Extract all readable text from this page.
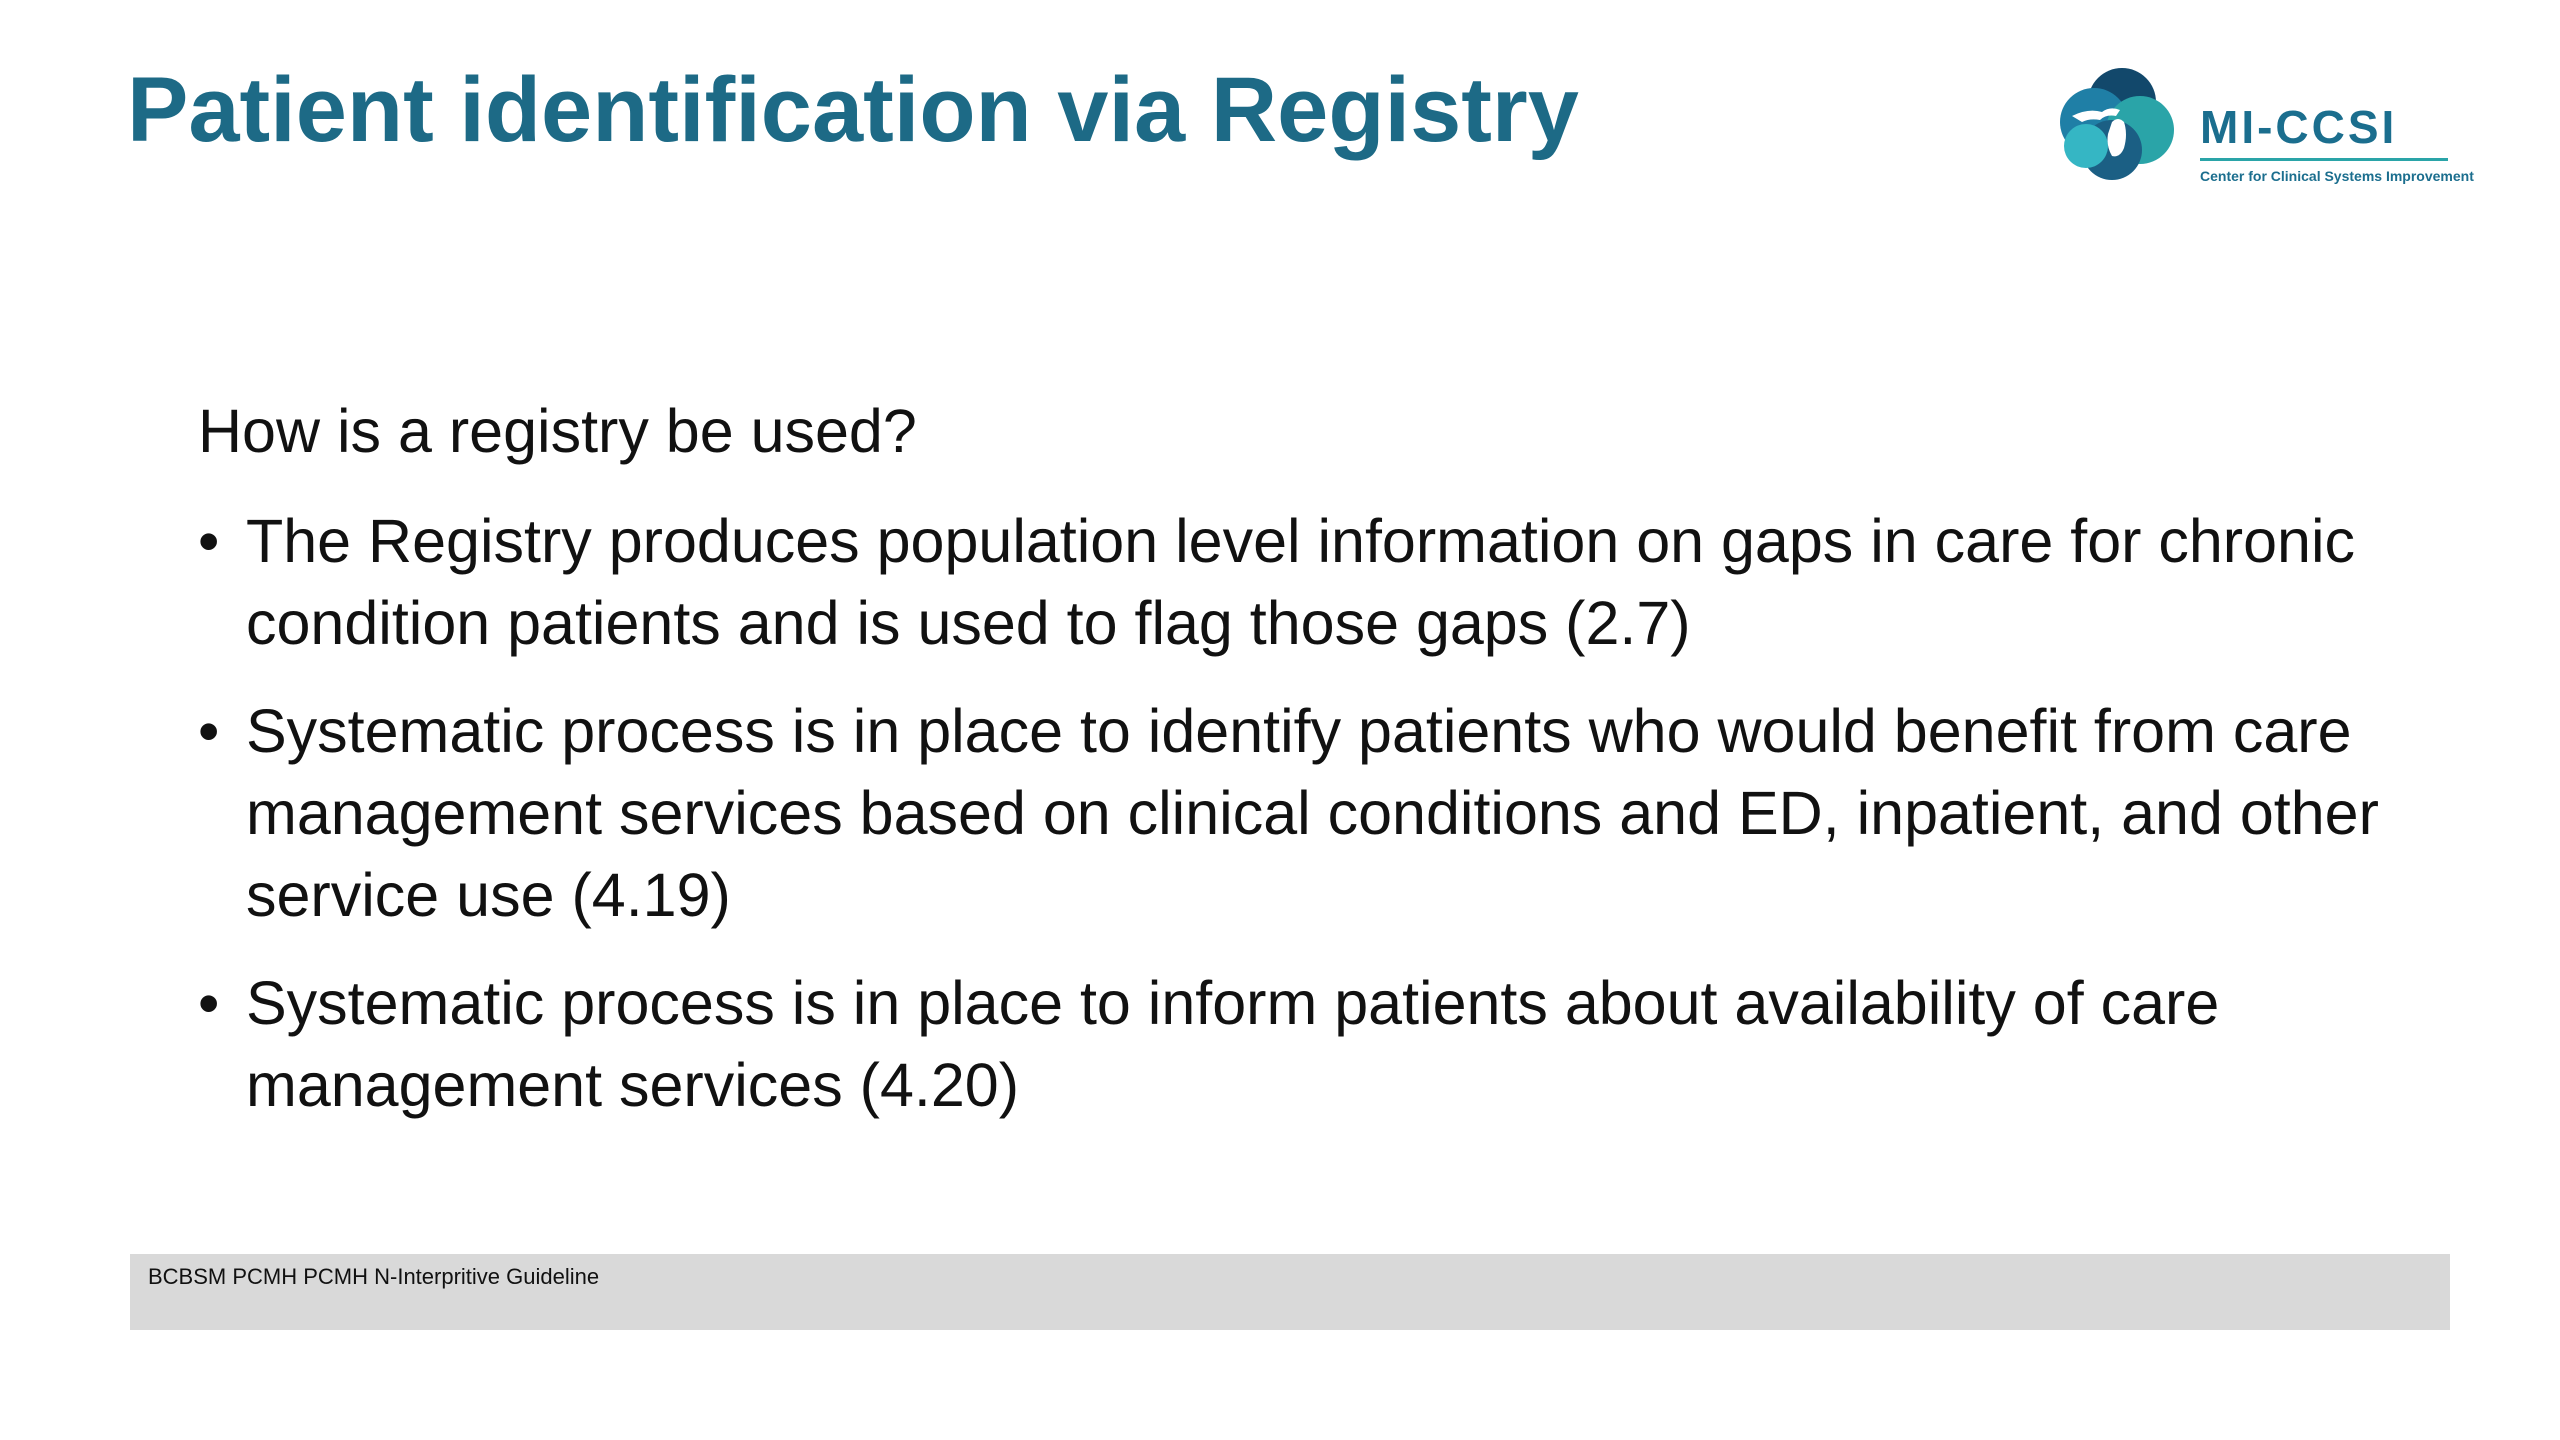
Patient identification via Registry	MI-CCSI
Center for Clinical Systems Improvement

How is a registry be used?

• The Registry produces population level information on gaps in care for chronic condition patients and is used to flag those gaps (2.7)
• Systematic process is in place to identify patients who would benefit from care management services based on clinical conditions and ED, inpatient, and other service use (4.19)
• Systematic process is in place to inform patients about availability of care management services (4.20)
BCBSM PCMH PCMH N-Interpritive Guideline
